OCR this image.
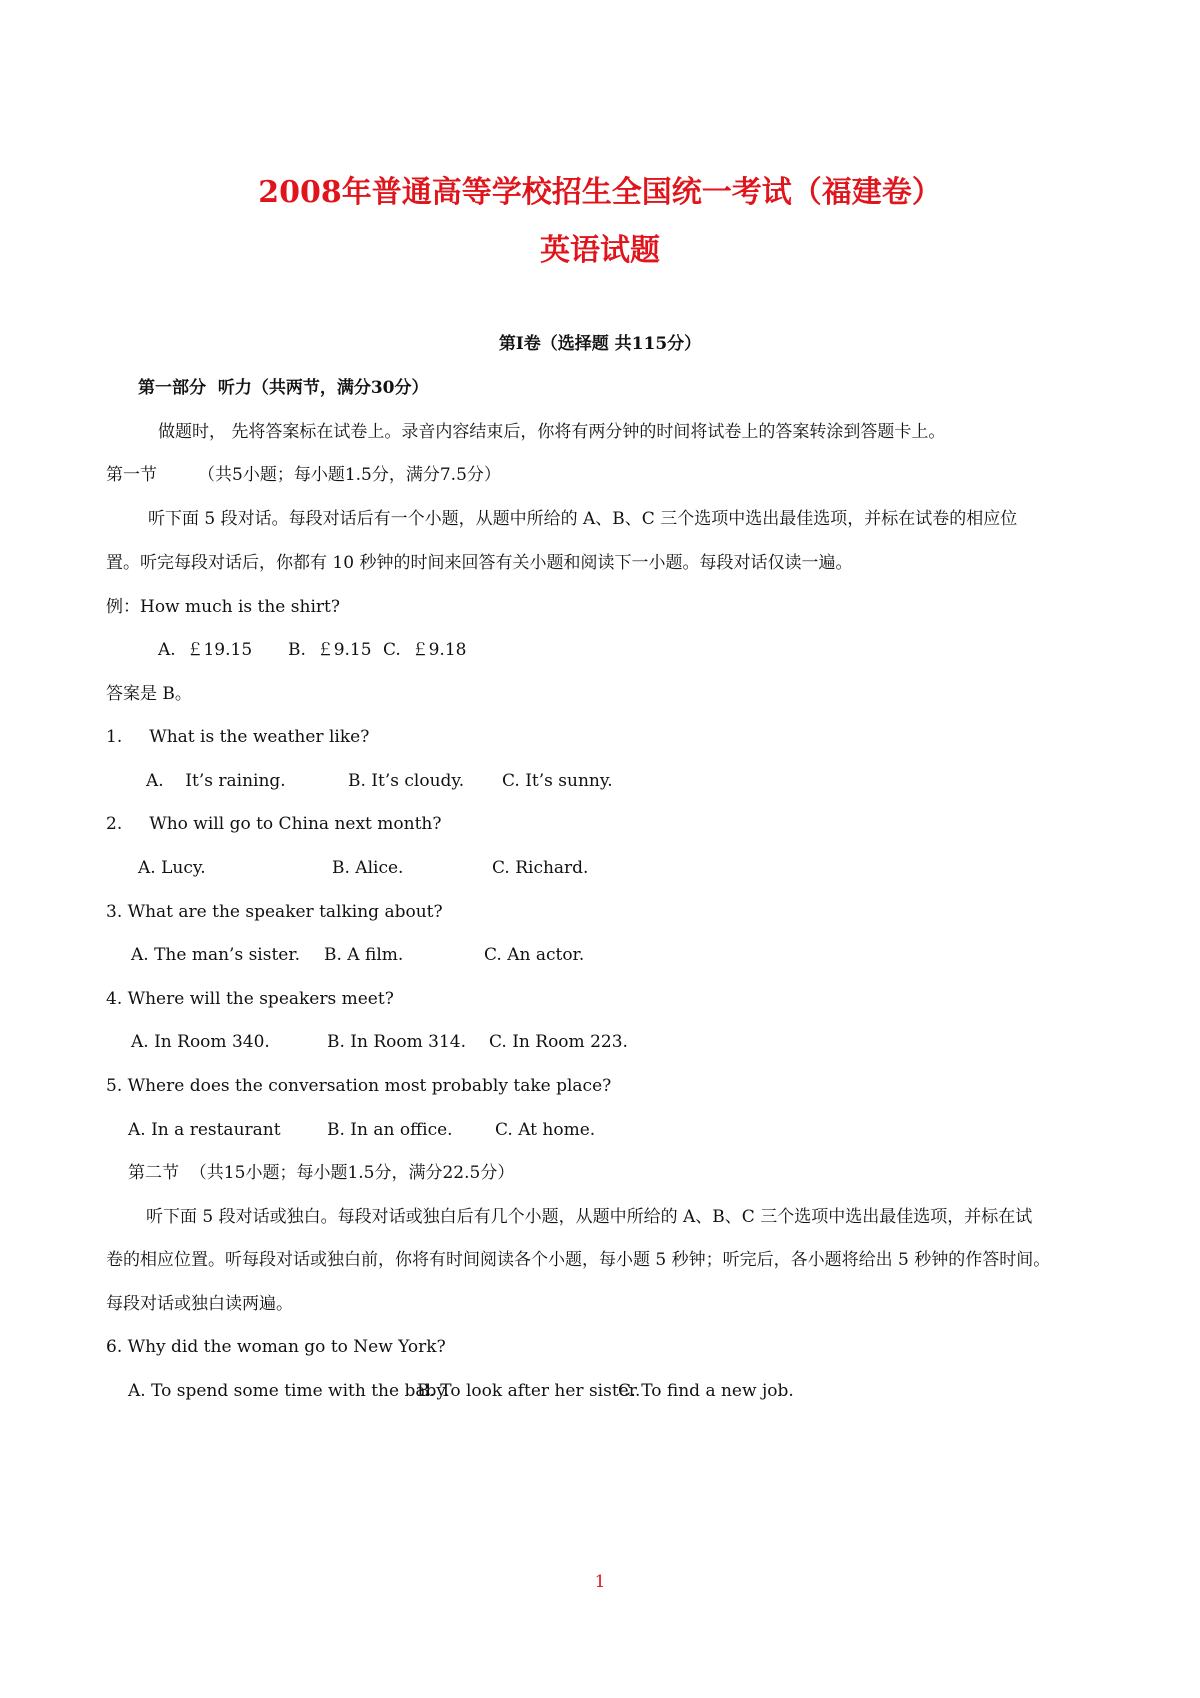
2008年普通高等学校招生全国统一考试（福建卷）
英语试题
第Ⅰ卷（选择题 共115分）
第一部分  听力（共两节，满分30分）
做题时， 先将答案标在试卷上。录音内容结束后，你将有两分钟的时间将试卷上的答案转涂到答题卡上。
第一节 （共5小题；每小题1.5分，满分7.5分）
听下面 5 段对话。每段对话后有一个小题，从题中所给的 A、B、C 三个选项中选出最佳选项，并标在试卷的相应位
置。听完每段对话后，你都有 10 秒钟的时间来回答有关小题和阅读下一小题。每段对话仅读一遍。
例：How much is the shirt?
A.  ￡19.15 B.  ￡9.15 C.  ￡9.18
答案是 B。
1.     What is the weather like?
A.    It’s raining.	B. It’s cloudy. C. It’s sunny.
2.     Who will go to China next month?
A. Lucy.	B. Alice.	C. Richard.
3. What are the speaker talking about?
A. The man’s sister. B. A film.	C. An actor.
4. Where will the speakers meet?
A. In Room 340.	B. In Room 314. C. In Room 223.
5. Where does the conversation most probably take place?
A. In a restaurant	B. In an office. C. At home.
第二节  （共15小题；每小题1.5分，满分22.5分）
听下面 5 段对话或独白。每段对话或独白后有几个小题，从题中所给的 A、B、C 三个选项中选出最佳选项，并标在试
卷的相应位置。听每段对话或独白前，你将有时间阅读各个小题，每小题 5 秒钟；听完后，各小题将给出 5 秒钟的作答时间。
每段对话或独白读两遍。
6. Why did the woman go to New York?
A. To spend some time with the baby.
B. To look after her sister.
C. To find a new job.
1
